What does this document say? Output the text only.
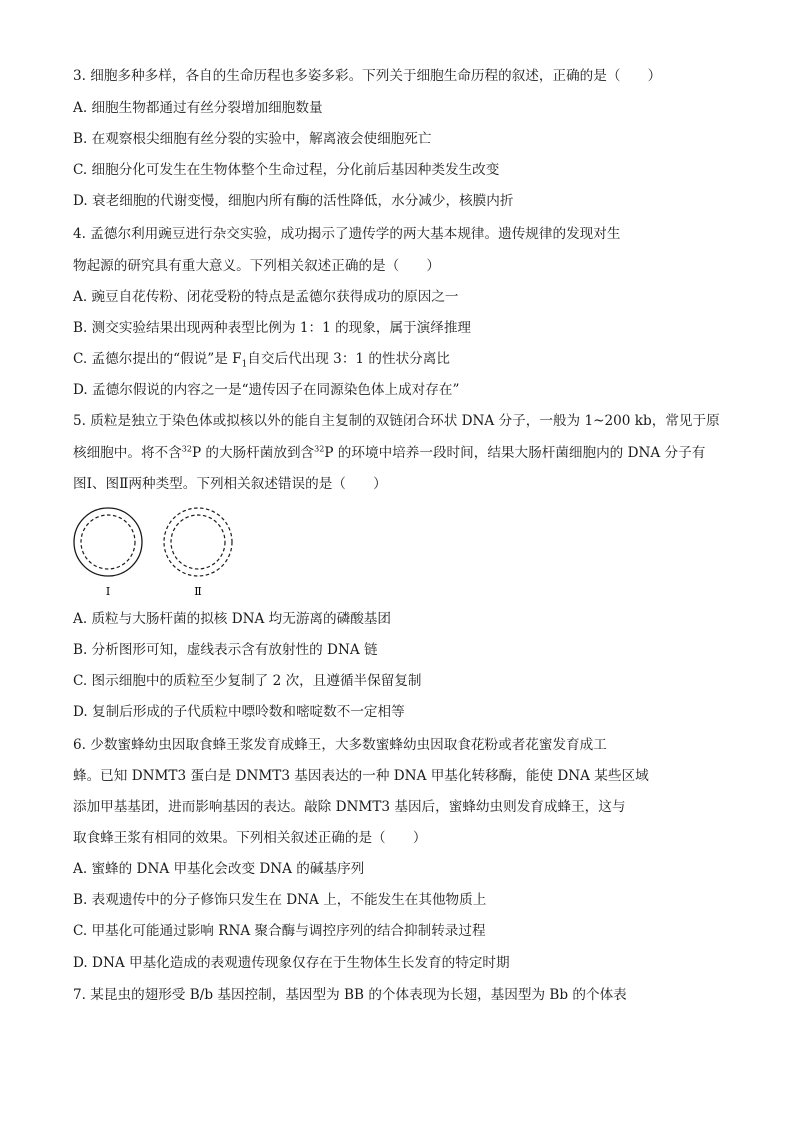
3. 细胞多种多样，各自的生命历程也多姿多彩。下列关于细胞生命历程的叙述，正确的是（　　）
A. 细胞生物都通过有丝分裂增加细胞数量
B. 在观察根尖细胞有丝分裂的实验中，解离液会使细胞死亡
C. 细胞分化可发生在生物体整个生命过程，分化前后基因种类发生改变
D. 衰老细胞的代谢变慢，细胞内所有酶的活性降低，水分减少，核膜内折
4. 孟德尔利用豌豆进行杂交实验，成功揭示了遗传学的两大基本规律。遗传规律的发现对生
物起源的研究具有重大意义。下列相关叙述正确的是（　　）
A. 豌豆自花传粉、闭花受粉的特点是孟德尔获得成功的原因之一
B. 测交实验结果出现两种表型比例为 1：1 的现象，属于演绎推理
C. 孟德尔提出的“假说”是 $F_1$自交后代出现 3：1 的性状分离比
D. 孟德尔假说的内容之一是“遗传因子在同源染色体上成对存在”
5. 质粒是独立于染色体或拟核以外的能自主复制的双链闭合环状 DNA 分子，一般为 1~200 kb，常见于原
核细胞中。将不含$^{32}$P 的大肠杆菌放到含$^{32}$P 的环境中培养一段时间，结果大肠杆菌细胞内的 DNA 分子有
图Ⅰ、图Ⅱ两种类型。下列相关叙述错误的是（　　）
Ⅰ	Ⅱ
A. 质粒与大肠杆菌的拟核 DNA 均无游离的磷酸基团
B. 分析图形可知，虚线表示含有放射性的 DNA 链
C. 图示细胞中的质粒至少复制了 2 次，且遵循半保留复制
D. 复制后形成的子代质粒中嘌呤数和嘧啶数不一定相等
6. 少数蜜蜂幼虫因取食蜂王浆发育成蜂王，大多数蜜蜂幼虫因取食花粉或者花蜜发育成工
蜂。已知 DNMT3 蛋白是 DNMT3 基因表达的一种 DNA 甲基化转移酶，能使 DNA 某些区域
添加甲基基团，进而影响基因的表达。敲除 DNMT3 基因后，蜜蜂幼虫则发育成蜂王，这与
取食蜂王浆有相同的效果。下列相关叙述正确的是（　　）
A. 蜜蜂的 DNA 甲基化会改变 DNA 的碱基序列
B. 表观遗传中的分子修饰只发生在 DNA 上，不能发生在其他物质上
C. 甲基化可能通过影响 RNA 聚合酶与调控序列的结合抑制转录过程
D. DNA 甲基化造成的表观遗传现象仅存在于生物体生长发育的特定时期
7. 某昆虫的翅形受 B/b 基因控制，基因型为 BB 的个体表现为长翅，基因型为 Bb 的个体表
